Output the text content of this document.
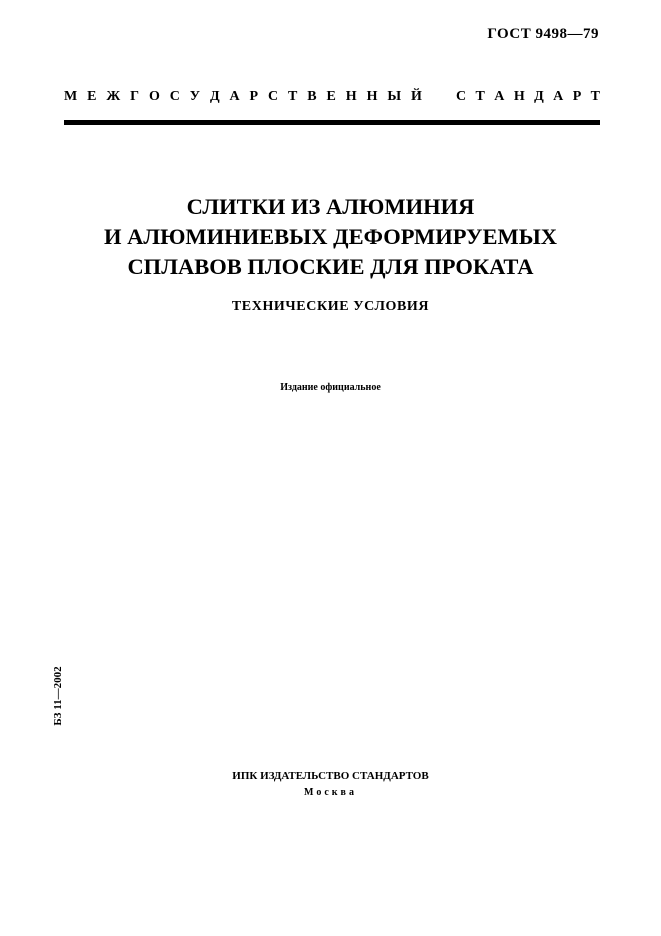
ГОСТ 9498—79
М Е Ж Г О С У Д А Р С Т В Е Н Н Ы Й С Т А Н Д А Р Т
СЛИТКИ ИЗ АЛЮМИНИЯ
И АЛЮМИНИЕВЫХ ДЕФОРМИРУЕМЫХ
СПЛАВОВ ПЛОСКИЕ ДЛЯ ПРОКАТА
ТЕХНИЧЕСКИЕ УСЛОВИЯ
Издание официальное
БЗ 11—2002
ИПК ИЗДАТЕЛЬСТВО СТАНДАРТОВ
Москва
